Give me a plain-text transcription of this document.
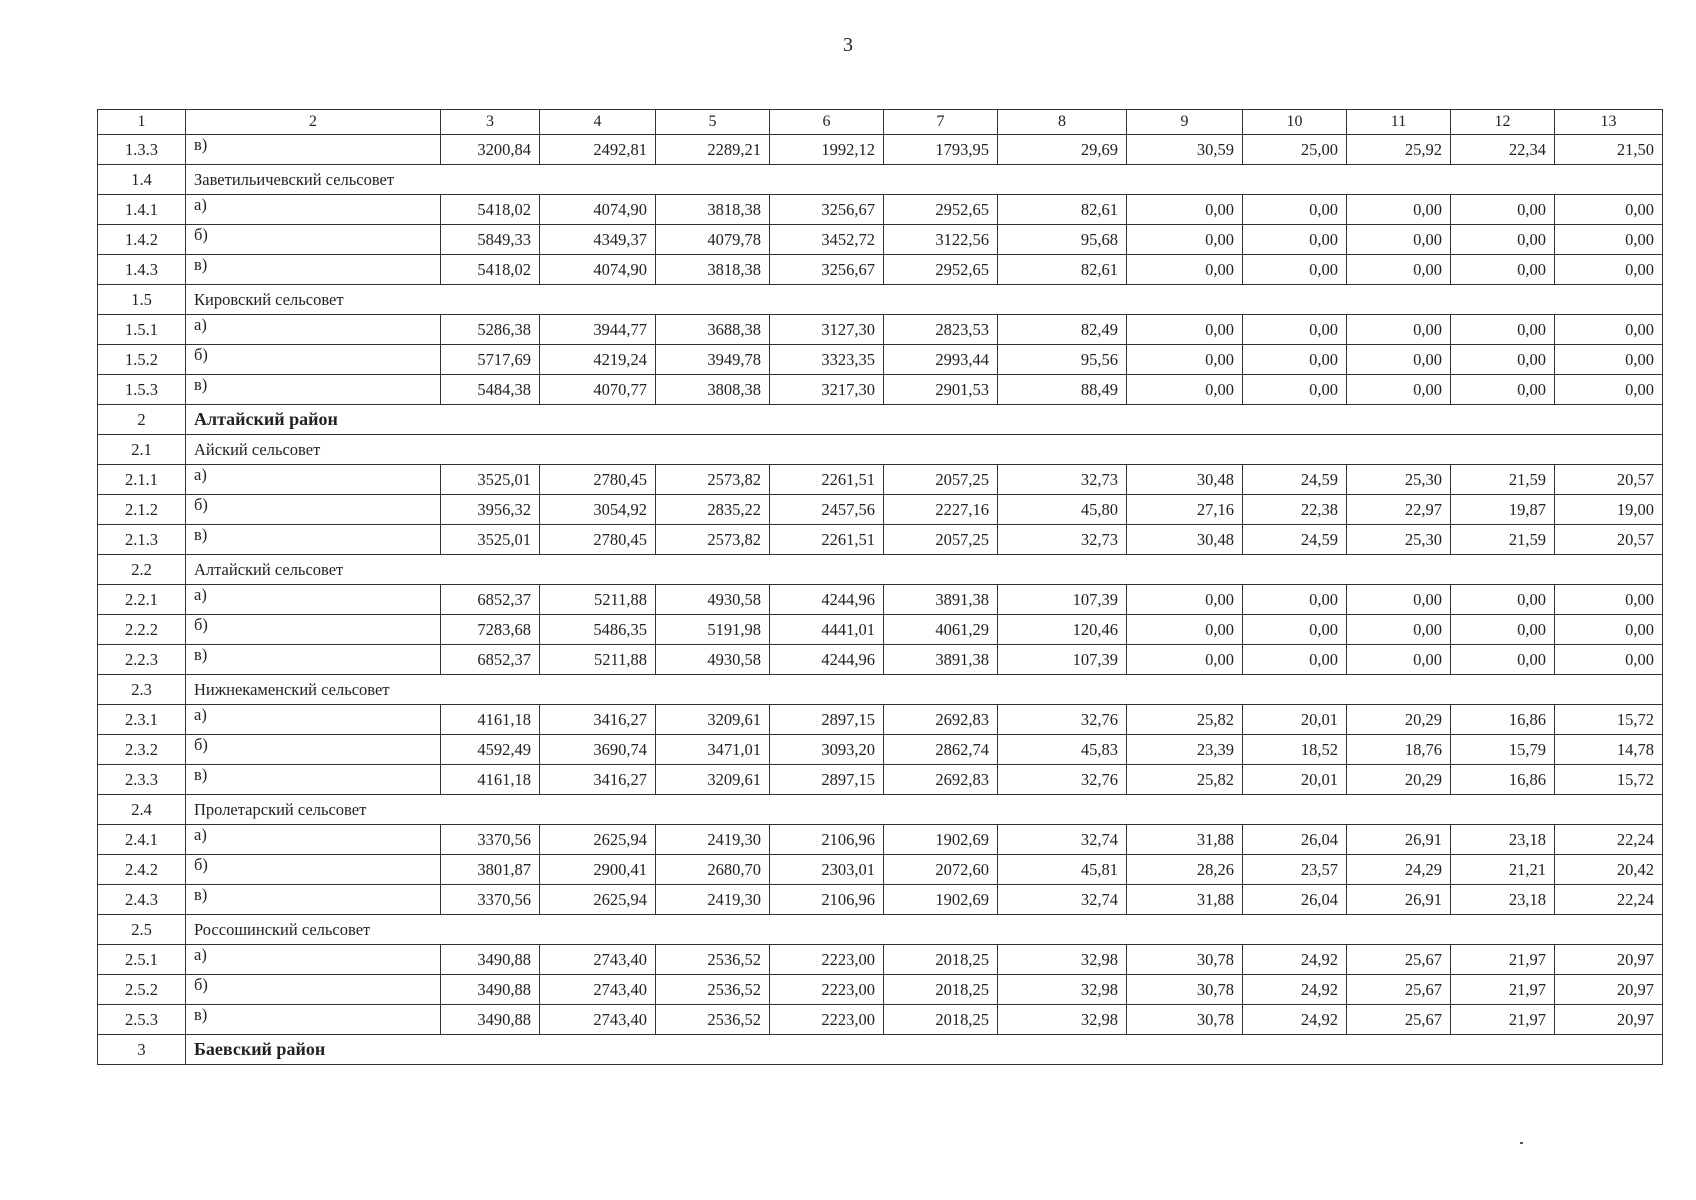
3
1	2	3	4	5	6	7	8	9	10	11	12	13
1.3.3	в)	3200,84	2492,81	2289,21	1992,12	1793,95	29,69	30,59	25,00	25,92	22,34	21,50
1.4	Заветильичевский сельсовет											
1.4.1	а)	5418,02	4074,90	3818,38	3256,67	2952,65	82,61	0,00	0,00	0,00	0,00	0,00
1.4.2	б)	5849,33	4349,37	4079,78	3452,72	3122,56	95,68	0,00	0,00	0,00	0,00	0,00
1.4.3	в)	5418,02	4074,90	3818,38	3256,67	2952,65	82,61	0,00	0,00	0,00	0,00	0,00
1.5	Кировский сельсовет											
1.5.1	а)	5286,38	3944,77	3688,38	3127,30	2823,53	82,49	0,00	0,00	0,00	0,00	0,00
1.5.2	б)	5717,69	4219,24	3949,78	3323,35	2993,44	95,56	0,00	0,00	0,00	0,00	0,00
1.5.3	в)	5484,38	4070,77	3808,38	3217,30	2901,53	88,49	0,00	0,00	0,00	0,00	0,00
2	Алтайский район											
2.1	Айский сельсовет											
2.1.1	а)	3525,01	2780,45	2573,82	2261,51	2057,25	32,73	30,48	24,59	25,30	21,59	20,57
2.1.2	б)	3956,32	3054,92	2835,22	2457,56	2227,16	45,80	27,16	22,38	22,97	19,87	19,00
2.1.3	в)	3525,01	2780,45	2573,82	2261,51	2057,25	32,73	30,48	24,59	25,30	21,59	20,57
2.2	Алтайский сельсовет											
2.2.1	а)	6852,37	5211,88	4930,58	4244,96	3891,38	107,39	0,00	0,00	0,00	0,00	0,00
2.2.2	б)	7283,68	5486,35	5191,98	4441,01	4061,29	120,46	0,00	0,00	0,00	0,00	0,00
2.2.3	в)	6852,37	5211,88	4930,58	4244,96	3891,38	107,39	0,00	0,00	0,00	0,00	0,00
2.3	Нижнекаменский сельсовет											
2.3.1	а)	4161,18	3416,27	3209,61	2897,15	2692,83	32,76	25,82	20,01	20,29	16,86	15,72
2.3.2	б)	4592,49	3690,74	3471,01	3093,20	2862,74	45,83	23,39	18,52	18,76	15,79	14,78
2.3.3	в)	4161,18	3416,27	3209,61	2897,15	2692,83	32,76	25,82	20,01	20,29	16,86	15,72
2.4	Пролетарский сельсовет											
2.4.1	а)	3370,56	2625,94	2419,30	2106,96	1902,69	32,74	31,88	26,04	26,91	23,18	22,24
2.4.2	б)	3801,87	2900,41	2680,70	2303,01	2072,60	45,81	28,26	23,57	24,29	21,21	20,42
2.4.3	в)	3370,56	2625,94	2419,30	2106,96	1902,69	32,74	31,88	26,04	26,91	23,18	22,24
2.5	Россошинский сельсовет											
2.5.1	а)	3490,88	2743,40	2536,52	2223,00	2018,25	32,98	30,78	24,92	25,67	21,97	20,97
2.5.2	б)	3490,88	2743,40	2536,52	2223,00	2018,25	32,98	30,78	24,92	25,67	21,97	20,97
2.5.3	в)	3490,88	2743,40	2536,52	2223,00	2018,25	32,98	30,78	24,92	25,67	21,97	20,97
3	Баевский район											
